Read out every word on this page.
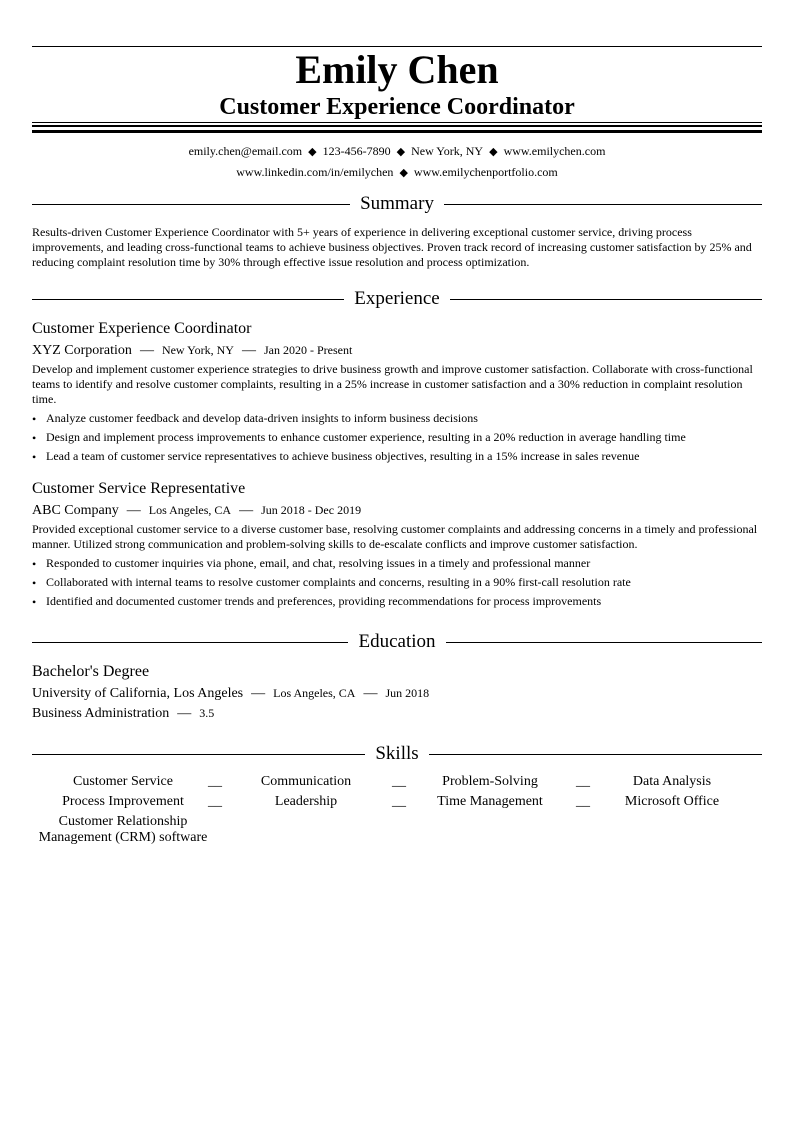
Emily Chen
Customer Experience Coordinator
emily.chen@email.com ◆ 123-456-7890 ◆ New York, NY ◆ www.emilychen.com
www.linkedin.com/in/emilychen ◆ www.emilychenportfolio.com
Summary
Results-driven Customer Experience Coordinator with 5+ years of experience in delivering exceptional customer service, driving process improvements, and leading cross-functional teams to achieve business objectives. Proven track record of increasing customer satisfaction by 25% and reducing complaint resolution time by 30% through effective issue resolution and process optimization.
Experience
Customer Experience Coordinator
XYZ Corporation — New York, NY — Jan 2020 - Present
Develop and implement customer experience strategies to drive business growth and improve customer satisfaction. Collaborate with cross-functional teams to identify and resolve customer complaints, resulting in a 25% increase in customer satisfaction and a 30% reduction in complaint resolution time.
• Analyze customer feedback and develop data-driven insights to inform business decisions
• Design and implement process improvements to enhance customer experience, resulting in a 20% reduction in average handling time
• Lead a team of customer service representatives to achieve business objectives, resulting in a 15% increase in sales revenue
Customer Service Representative
ABC Company — Los Angeles, CA — Jun 2018 - Dec 2019
Provided exceptional customer service to a diverse customer base, resolving customer complaints and addressing concerns in a timely and professional manner. Utilized strong communication and problem-solving skills to de-escalate conflicts and improve customer satisfaction.
• Responded to customer inquiries via phone, email, and chat, resolving issues in a timely and professional manner
• Collaborated with internal teams to resolve customer complaints and concerns, resulting in a 90% first-call resolution rate
• Identified and documented customer trends and preferences, providing recommendations for process improvements
Education
Bachelor's Degree
University of California, Los Angeles — Los Angeles, CA — Jun 2018
Business Administration — 3.5
Skills
Customer Service	__	Communication	__	Problem-Solving	__	Data Analysis
Process Improvement __	Leadership	__	Time Management __	Microsoft Office
Customer Relationship Management (CRM) software
